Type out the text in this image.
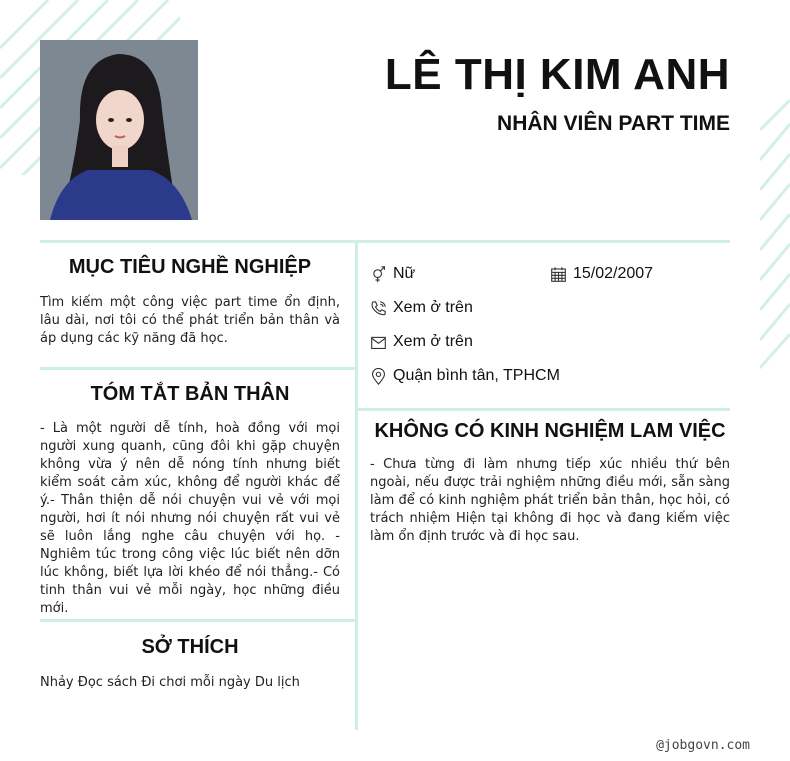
LÊ THỊ KIM ANH
NHÂN VIÊN PART TIME
MỤC TIÊU NGHỀ NGHIỆP

Tìm kiếm một công việc part time ổn định, lâu dài, nơi tôi có thể phát triển bản thân và áp dụng các kỹ năng đã học.

TÓM TẮT BẢN THÂN

- Là một người dễ tính, hoà đồng với mọi người xung quanh, cũng đôi khi gặp chuyện không vừa ý nên dễ nóng tính nhưng biết kiểm soát cảm xúc, không để người khác để ý.- Thân thiện dễ nói chuyện vui vẻ với mọi người, hơi ít nói nhưng nói chuyện rất vui vẻ sẽ luôn lắng nghe câu chuyện với họ. - Nghiêm túc trong công việc lúc biết nên dỡn lúc không, biết lựa lời khéo để nói thẳng.- Có tinh thân vui vẻ mỗi ngày, học những điều mới.

SỞ THÍCH

Nhảy Đọc sách Đi chơi mỗi ngày Du lịch

Nữ	15/02/2007
Xem ở trên
Xem ở trên
Quận bình tân, TPHCM
KHÔNG CÓ KINH NGHIỆM LAM VIỆC

- Chưa từng đi làm nhưng tiếp xúc nhiều thứ bên ngoài, nếu được trải nghiệm những điều mới, sẵn sàng làm để có kinh nghiệm phát triển bản thân, học hỏi, có trách nhiệm Hiện tại không đi học và đang kiếm việc làm ổn định trước và đi học sau.

@jobgovn.com
